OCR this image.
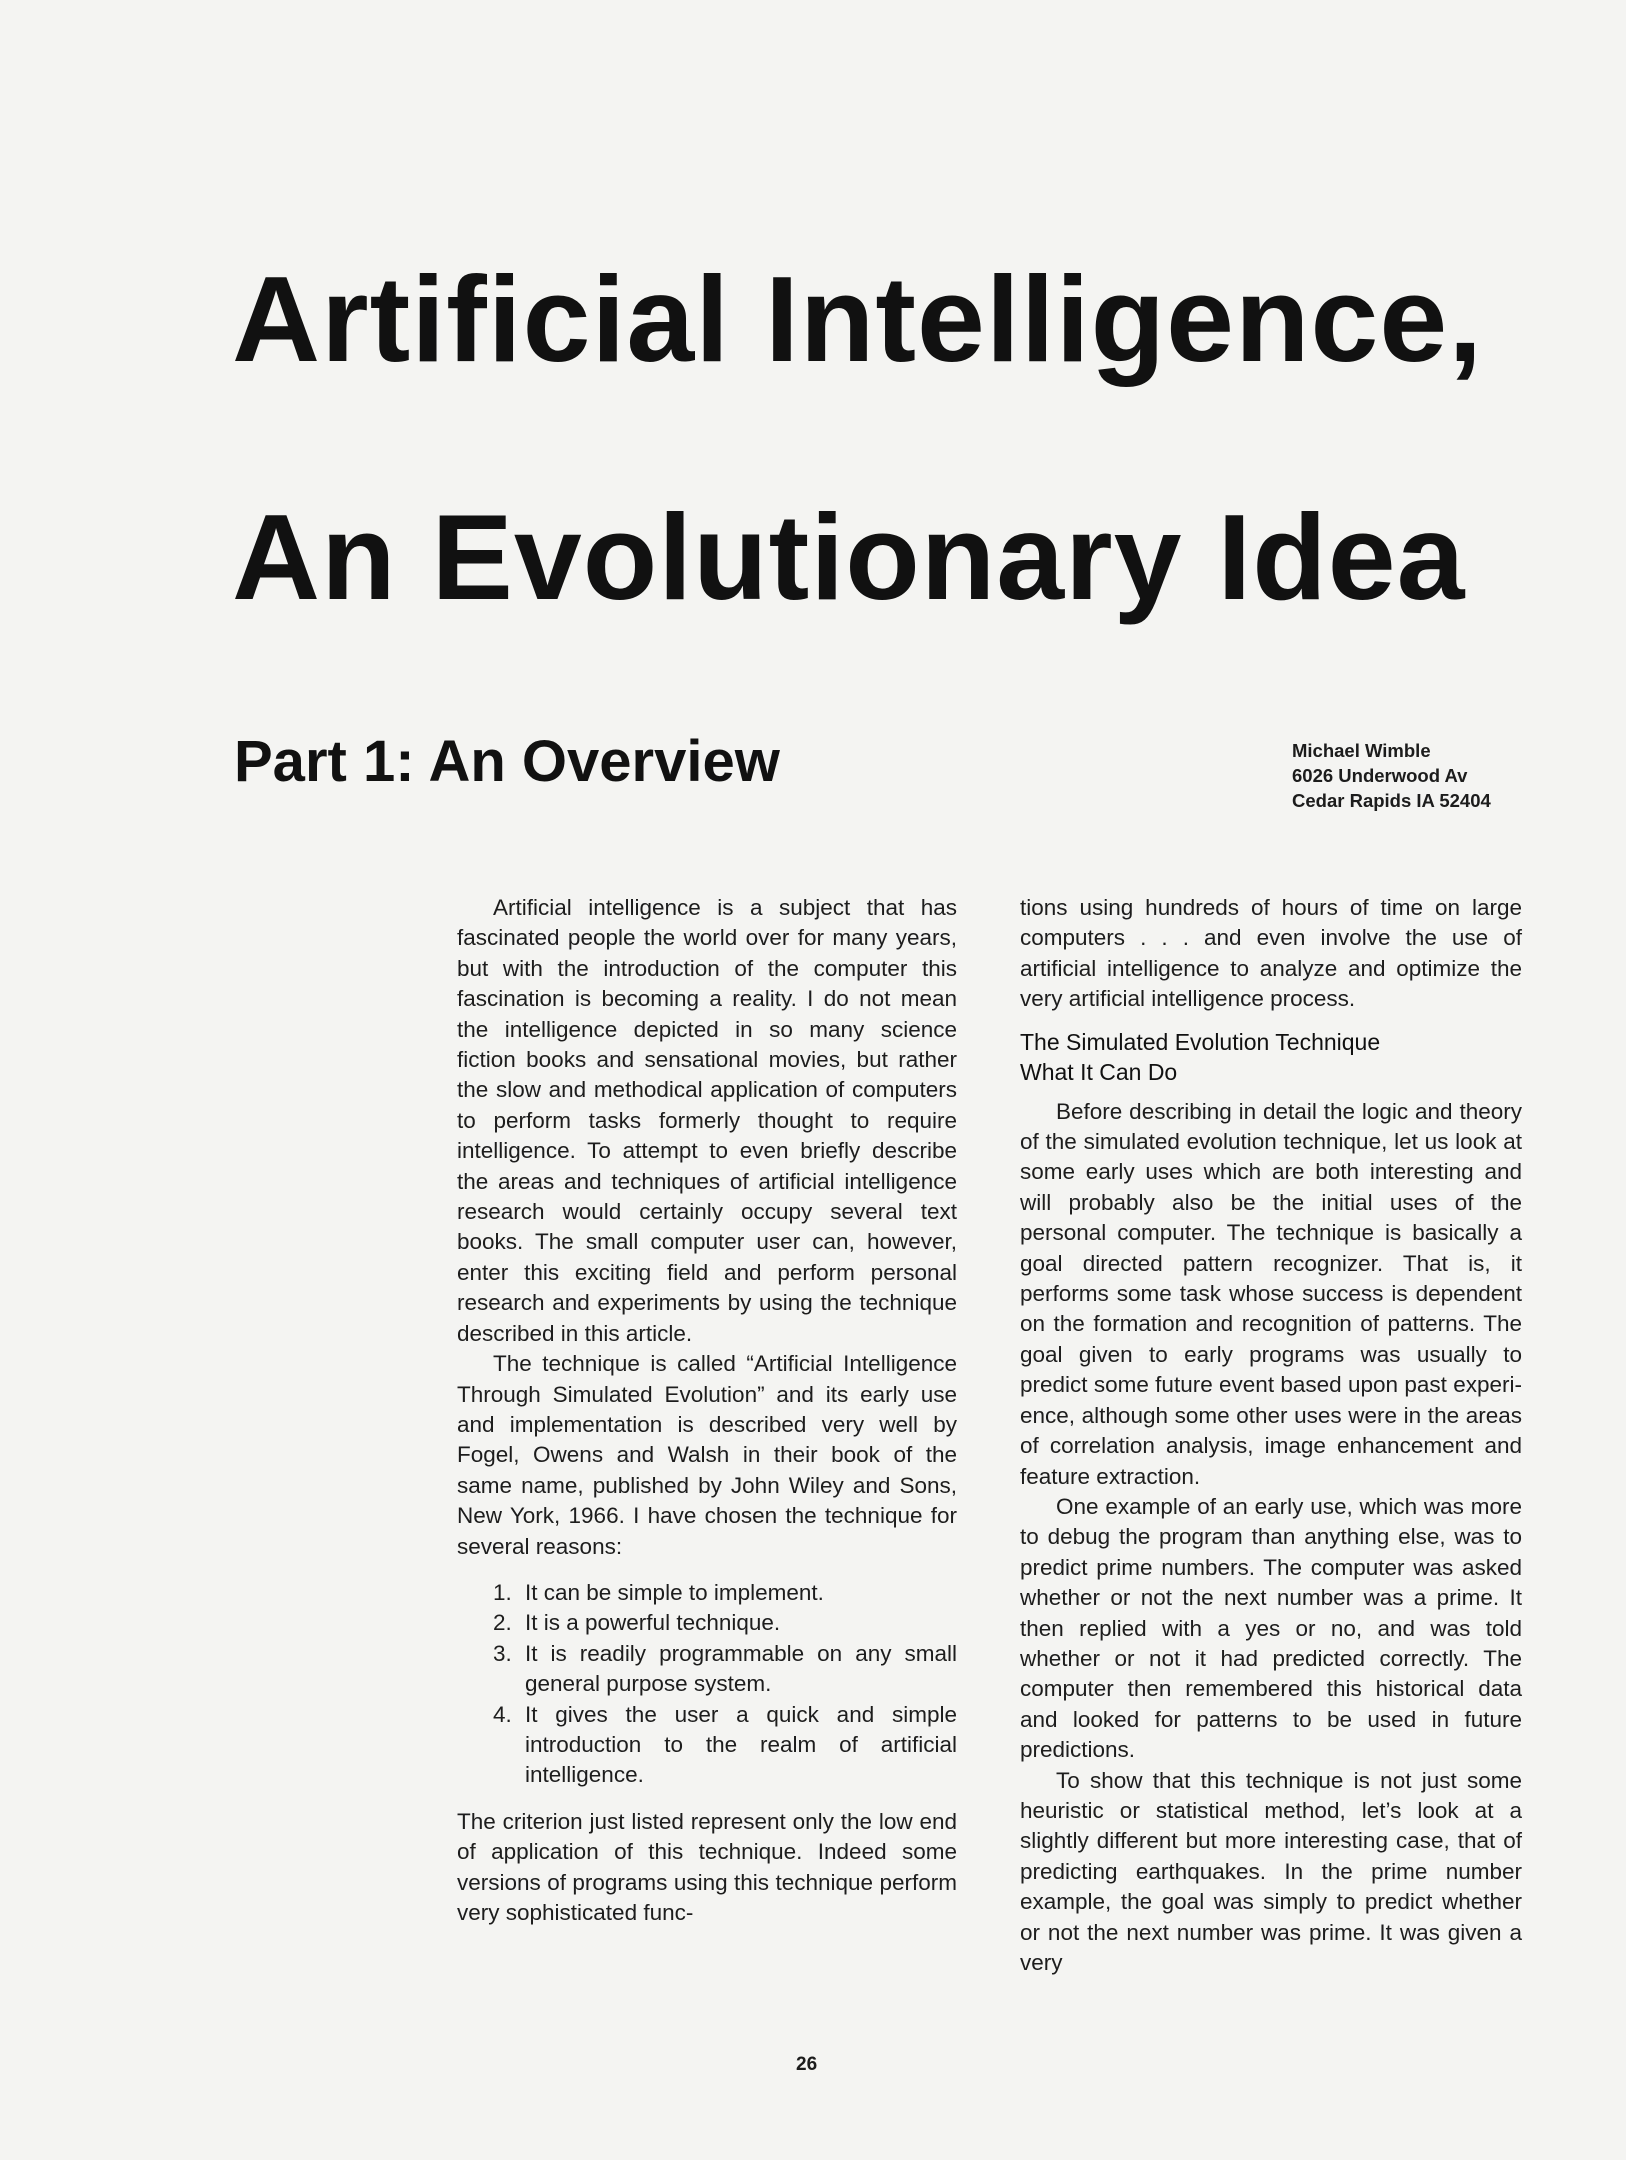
Artificial Intelligence,
An Evolutionary Idea
Part 1: An Overview	Michael Wimble
6026 Underwood Av
Cedar Rapids IA 52404

Artificial intelligence is a subject that has fascinated people the world over for many years, but with the introduction of the computer this fascination is becoming a reality. I do not mean the intelligence depicted in so many science fiction books and sensational movies, but rather the slow and methodical application of computers to perform tasks formerly thought to require intelligence. To attempt to even briefly describe the areas and techniques of artificial intelligence research would certainly occupy several text books. The small computer user can, however, enter this exciting field and perform personal research and experiments by using the technique described in this article.

The technique is called “Artificial Intelligence Through Simulated Evolution” and its early use and implementation is described very well by Fogel, Owens and Walsh in their book of the same name, published by John Wiley and Sons, New York, 1966. I have chosen the technique for several reasons:

1. It can be simple to implement.
2. It is a powerful technique.
3. It is readily programmable on any small general purpose system.
4. It gives the user a quick and simple introduction to the realm of artificial intelligence.

The criterion just listed represent only the low end of application of this technique. Indeed some versions of programs using this technique perform very sophisticated func-

tions using hundreds of hours of time on large computers . . . and even involve the use of artificial intelligence to analyze and optimize the very artificial intelligence process.

The Simulated Evolution Technique
What It Can Do

Before describing in detail the logic and theory of the simulated evolution technique, let us look at some early uses which are both interesting and will probably also be the initial uses of the personal computer. The technique is basically a goal directed pattern recognizer. That is, it performs some task whose success is dependent on the formation and recognition of patterns. The goal given to early programs was usually to predict some future event based upon past experience, although some other uses were in the areas of correlation analysis, image enhancement and feature extraction.

One example of an early use, which was more to debug the program than anything else, was to predict prime numbers. The computer was asked whether or not the next number was a prime. It then replied with a yes or no, and was told whether or not it had predicted correctly. The computer then remembered this historical data and looked for patterns to be used in future predictions.

To show that this technique is not just some heuristic or statistical method, let’s look at a slightly different but more interesting case, that of predicting earthquakes. In the prime number example, the goal was simply to predict whether or not the next number was prime. It was given a very

26
